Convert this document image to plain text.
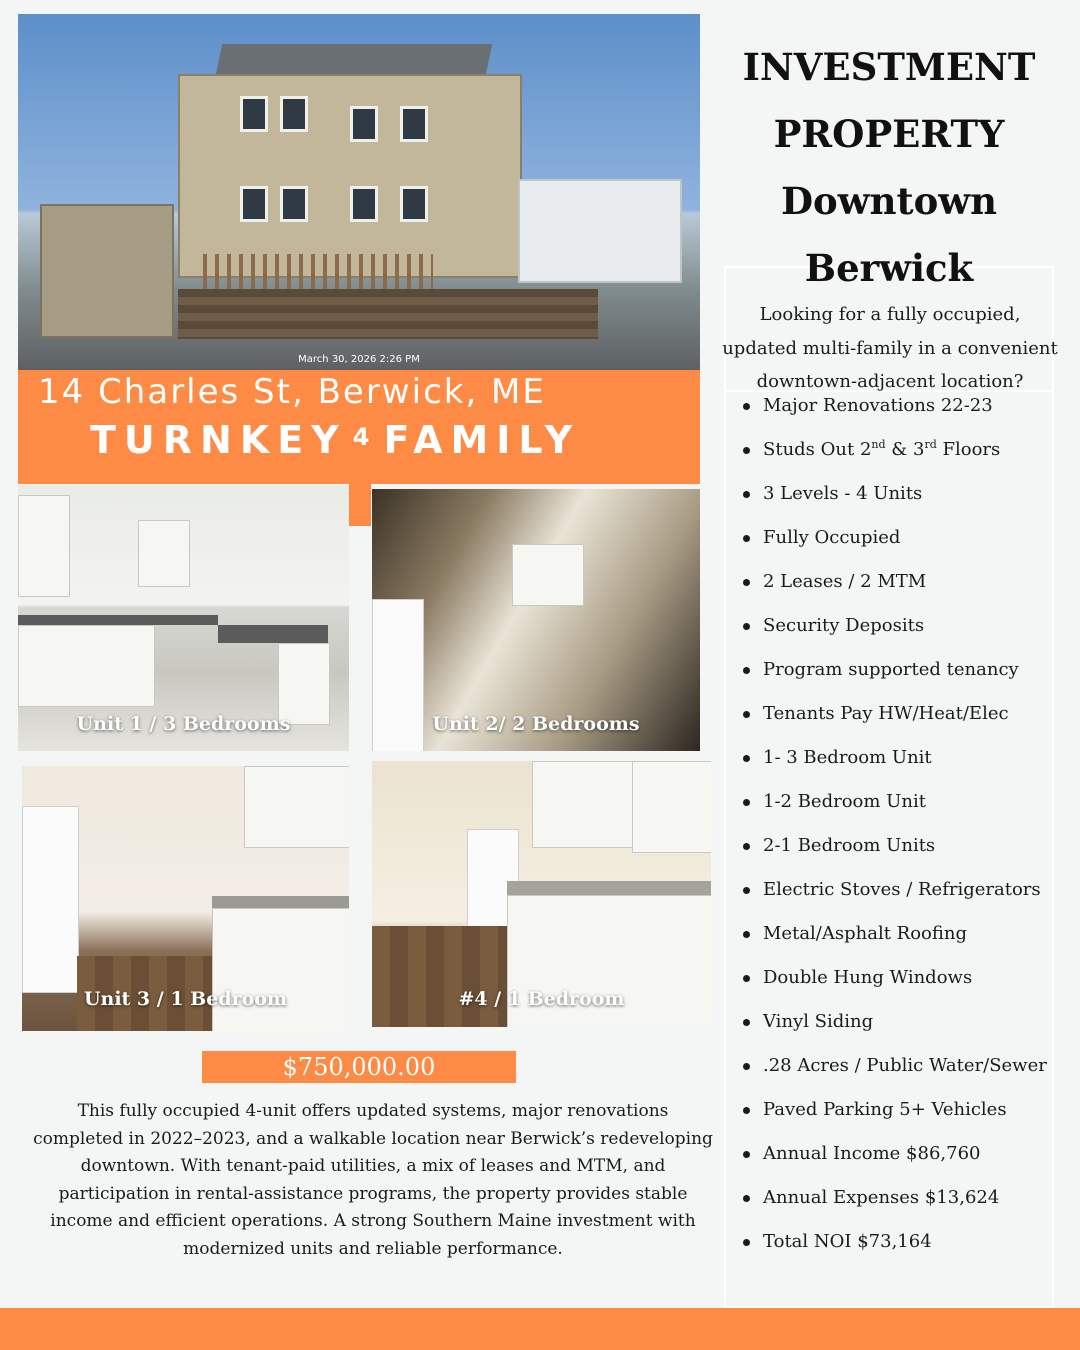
March 30, 2026 2:26 PM
14 Charles St, Berwick, ME
TURNKEY $^4$ FAMILY
Unit 1 / 3 Bedrooms	Unit 2/ 2 Bedrooms
Unit 3 / 1 Bedroom	#4 / 1 Bedroom
$750,000.00
This fully occupied 4-unit offers updated systems, major renovations completed in 2022–2023, and a walkable location near Berwick’s redeveloping downtown. With tenant-paid utilities, a mix of leases and MTM, and participation in rental-assistance programs, the property provides stable income and efficient operations. A strong Southern Maine investment with modernized units and reliable performance.
INVESTMENT
PROPERTY
Downtown
Berwick
Looking for a fully occupied, updated multi-family in a convenient downtown-adjacent location?
Major Renovations 22-23
Studs Out 2nd & 3rd Floors
3 Levels - 4 Units
Fully Occupied
2 Leases / 2 MTM
Security Deposits
Program supported tenancy
Tenants Pay HW/Heat/Elec
1- 3 Bedroom Unit
1-2 Bedroom Unit
2-1 Bedroom Units
Electric Stoves / Refrigerators
Metal/Asphalt Roofing
Double Hung Windows
Vinyl Siding
.28 Acres / Public Water/Sewer
Paved Parking 5+ Vehicles
Annual Income $86,760
Annual Expenses $13,624
Total NOI $73,164
